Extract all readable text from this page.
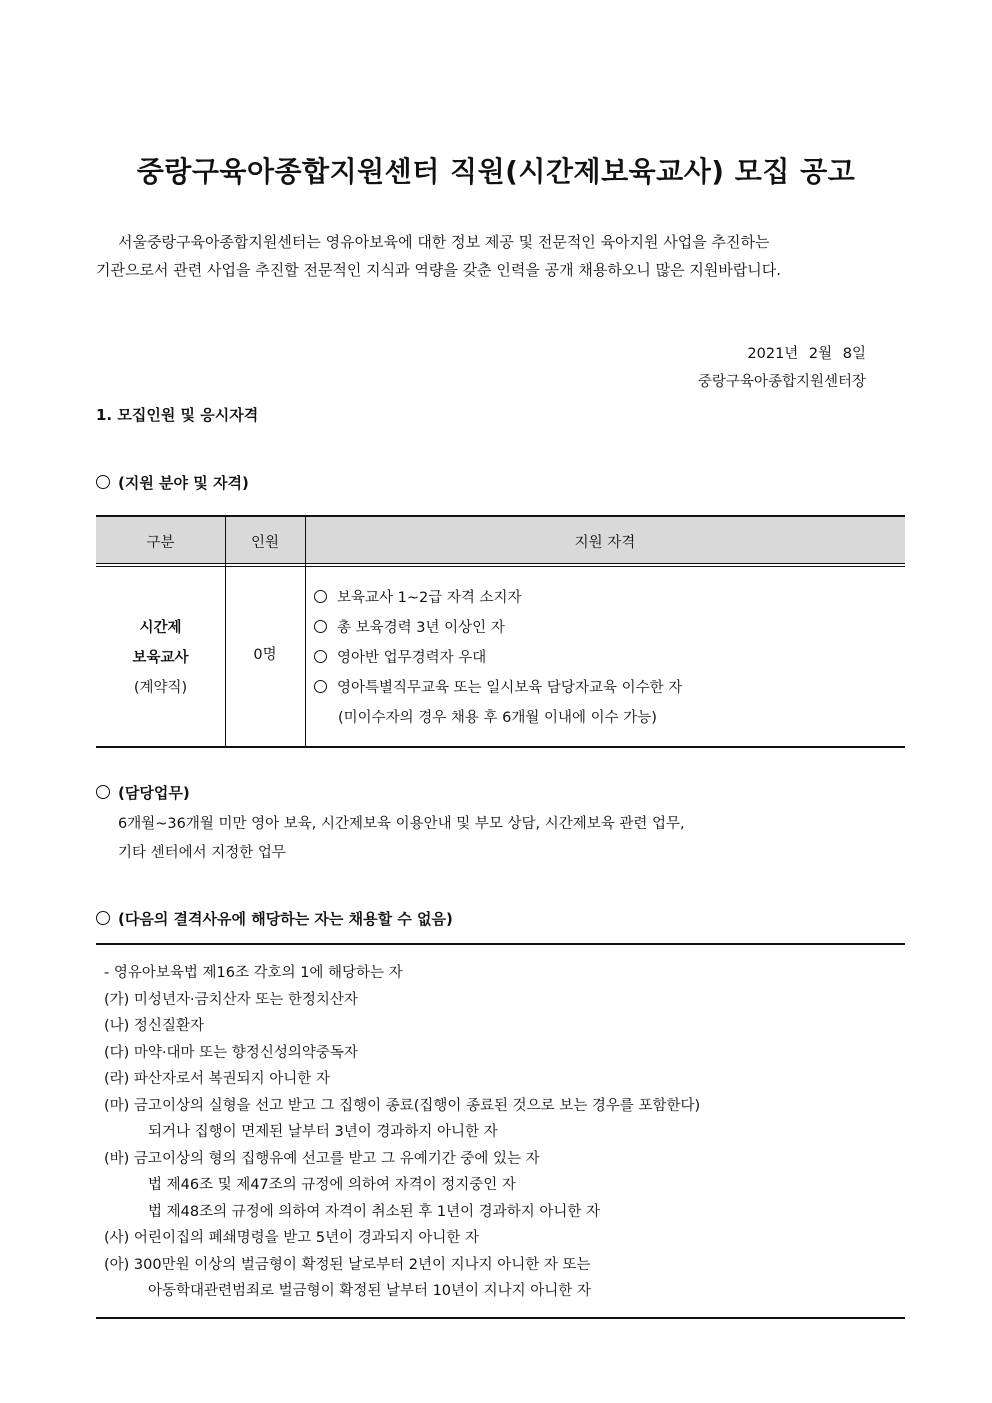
중랑구육아종합지원센터 직원(시간제보육교사) 모집 공고
서울중랑구육아종합지원센터는 영유아보육에 대한 정보 제공 및 전문적인 육아지원 사업을 추진하는
기관으로서 관련 사업을 추진할 전문적인 지식과 역량을 갖춘 인력을 공개 채용하오니 많은 지원바랍니다.
2021년 2월 8일
중랑구육아종합지원센터장
1. 모집인원 및 응시자격
(지원 분야 및 자격)
구분	인원	지원 자격
시간제
보육교사
(계약직)
0명
보육교사 1~2급 자격 소지자
총 보육경력 3년 이상인 자
영아반 업무경력자 우대
영아특별직무교육 또는 일시보육 담당자교육 이수한 자
(미이수자의 경우 채용 후 6개월 이내에 이수 가능)
(담당업무)
6개월~36개월 미만 영아 보육, 시간제보육 이용안내 및 부모 상담, 시간제보육 관련 업무,
기타 센터에서 지정한 업무
(다음의 결격사유에 해당하는 자는 채용할 수 없음)
- 영유아보육법 제16조 각호의 1에 해당하는 자
(가) 미성년자·금치산자 또는 한정치산자
(나) 정신질환자
(다) 마약·대마 또는 향정신성의약중독자
(라) 파산자로서 복권되지 아니한 자
(마) 금고이상의 실형을 선고 받고 그 집행이 종료(집행이 종료된 것으로 보는 경우를 포함한다)
되거나 집행이 면제된 날부터 3년이 경과하지 아니한 자
(바) 금고이상의 형의 집행유예 선고를 받고 그 유예기간 중에 있는 자
법 제46조 및 제47조의 규정에 의하여 자격이 정지중인 자
법 제48조의 규정에 의하여 자격이 취소된 후 1년이 경과하지 아니한 자
(사) 어린이집의 폐쇄명령을 받고 5년이 경과되지 아니한 자
(아) 300만원 이상의 벌금형이 확정된 날로부터 2년이 지나지 아니한 자 또는
아동학대관련범죄로 벌금형이 확정된 날부터 10년이 지나지 아니한 자
